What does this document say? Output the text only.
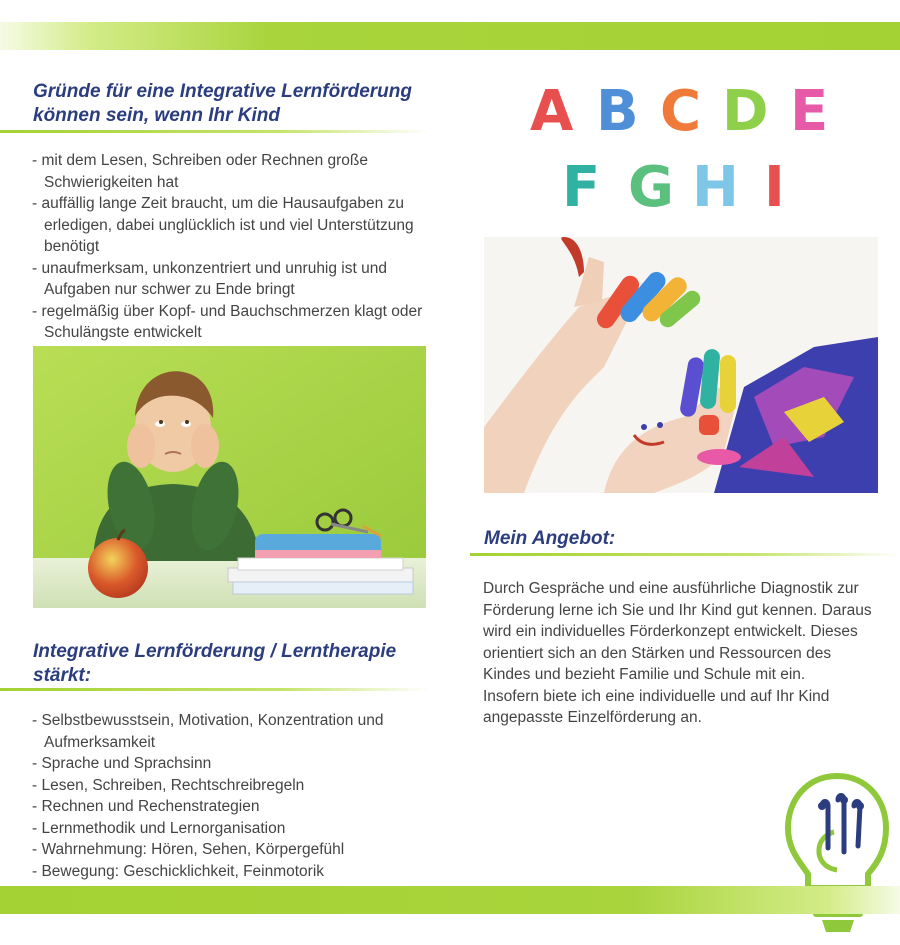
Gründe für eine Integrative Lernförderung
können sein, wenn Ihr Kind
- mit dem Lesen, Schreiben oder Rechnen große Schwierigkeiten hat
- auffällig lange Zeit braucht, um die Hausaufgaben zu erledigen, dabei unglücklich ist und viel Unterstützung benötigt
- unaufmerksam, unkonzentriert und unruhig ist und Aufgaben nur schwer zu Ende bringt
- regelmäßig über Kopf- und Bauchschmerzen klagt oder Schulängste entwickelt
Integrative Lernförderung / Lerntherapie
stärkt:
- Selbstbewusstsein, Motivation, Konzentration und Aufmerksamkeit
- Sprache und Sprachsinn
- Lesen, Schreiben, Rechtschreibregeln
- Rechnen und Rechenstrategien
- Lernmethodik und Lernorganisation
- Wahrnehmung: Hören, Sehen, Körpergefühl
- Bewegung: Geschicklichkeit, Feinmotorik
A B C D E
F G H I
Mein Angebot:

Durch Gespräche und eine ausführliche Diagnostik zur Förderung lerne ich Sie und Ihr Kind gut kennen. Daraus wird ein individuelles Förderkonzept entwickelt. Dieses orientiert sich an den Stärken und Ressourcen des Kindes und bezieht Familie und Schule mit ein.
Insofern biete ich eine individuelle und auf Ihr Kind angepasste Einzelförderung an.
